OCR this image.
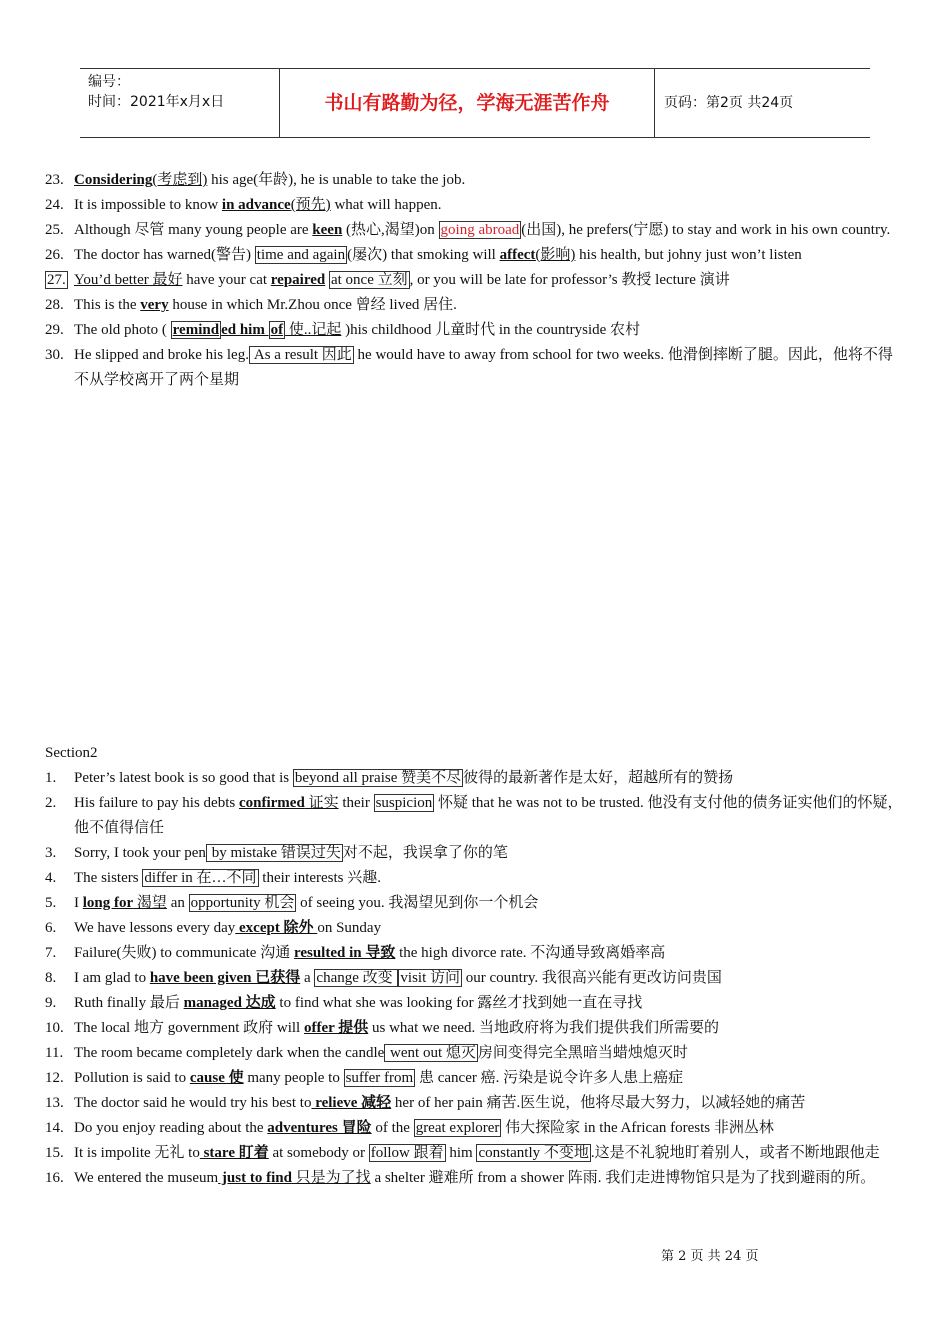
编号：
时间：2021年x月x日	书山有路勤为径，学海无涯苦作舟	页码：第2页 共24页
23. Considering(考虑到) his age(年龄), he is unable to take the job.
24. It is impossible to know in advance(预先) what will happen.
25. Although 尽管 many young people are keen (热心,渴望)on going abroad (出国), he prefers(宁愿) to stay and work in his own country.
26. The doctor has warned(警告) time and again (屡次) that smoking will affect(影响) his health, but johny just won’t listen
27. You’d better 最好 have your cat repaired at once 立刻 , or you will be late for professor’s 教授 lecture 演讲
28. This is the very house in which Mr.Zhou once 曾经 lived 居住.
29. The old photo ( remind ed him of 使..记起 )his childhood 儿童时代 in the countryside 农村
30. He slipped and broke his leg. As a result 因此 he would have to away from school for two weeks. 他滑倒摔断了腿。因此，他将不得不从学校离开了两个星期
Section2
1.	Peter’s latest book is so good that is beyond all praise 赞美不尽 彼得的最新著作是太好，超越所有的赞扬
2.	His failure to pay his debts confirmed 证实 their suspicion 怀疑 that he was not to be trusted. 他没有支付他的债务证实他们的怀疑，他不值得信任
3.	Sorry, I took your pen by mistake 错误过失 对不起，我误拿了你的笔
4.	The sisters differ in 在…不同 their interests 兴趣.
5.	I long for 渴望 an opportunity 机会 of seeing you. 我渴望见到你一个机会
6.	We have lessons every day except 除外 on Sunday
7.	Failure(失败) to communicate 沟通 resulted in 导致 the high divorce rate. 不沟通导致离婚率高
8.	I am glad to have been given 已获得 a change 改变 visit 访问 our country. 我很高兴能有更改访问贵国
9.	Ruth finally 最后 managed 达成 to find what she was looking for 露丝才找到她一直在寻找
10. The local 地方 government 政府 will offer 提供 us what we need. 当地政府将为我们提供我们所需要的
11. The room became completely dark when the candle went out 熄灭 房间变得完全黑暗当蜡烛熄灭时
12. Pollution is said to cause 使 many people to suffer from 患 cancer 癌. 污染是说令许多人患上癌症
13. The doctor said he would try his best to relieve 减轻 her of her pain 痛苦.医生说，他将尽最大努力，以减轻她的痛苦
14. Do you enjoy reading about the adventures 冒险 of the great explorer 伟大探险家 in the African forests 非洲丛林
15. It is impolite 无礼 to stare 盯着 at somebody or follow 跟着 him constantly 不变地 .这是不礼貌地盯着别人，或者不断地跟他走
16. We entered the museum just to find 只是为了找 a shelter 避难所 from a shower 阵雨. 我们走进博物馆只是为了找到避雨的所。
第 2 页 共 24 页
